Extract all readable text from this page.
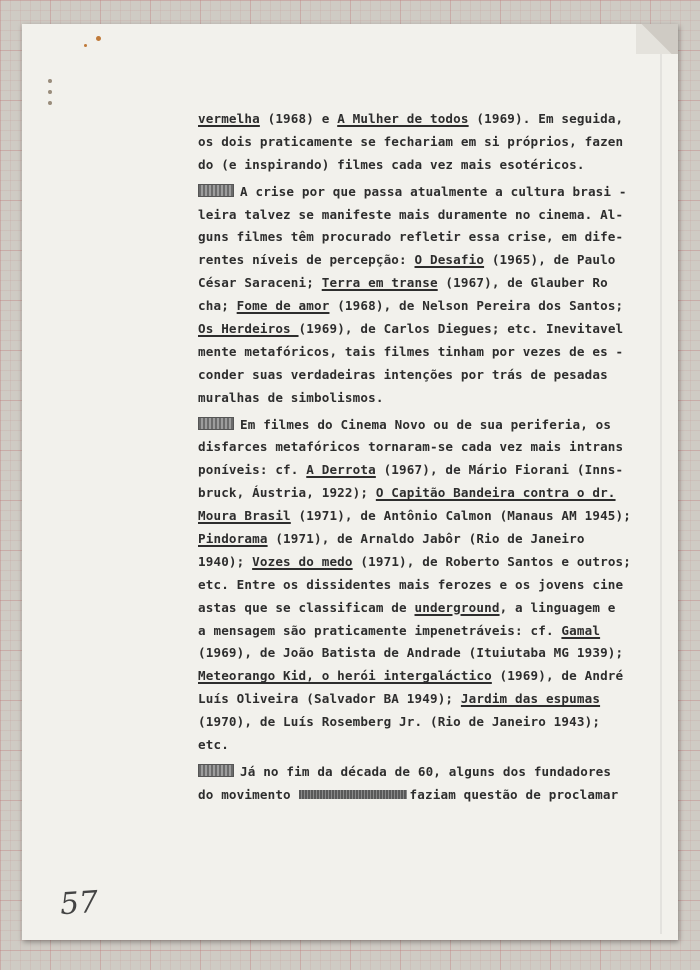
vermelha (1968) e A Mulher de todos (1969). Em seguida,
os dois praticamente se fechariam em si próprios, fazen
do (e inspirando) filmes cada vez mais esotéricos.
A crise por que passa atualmente a cultura brasi -
leira talvez se manifeste mais duramente no cinema. Al-
guns filmes têm procurado refletir essa crise, em dife-
rentes níveis de percepção: O Desafio (1965), de Paulo
César Saraceni; Terra em transe (1967), de Glauber Ro
cha; Fome de amor (1968), de Nelson Pereira dos Santos;
Os Herdeiros (1969), de Carlos Diegues; etc. Inevitavel
mente metafóricos, tais filmes tinham por vezes de es -
conder suas verdadeiras intenções por trás de pesadas
muralhas de simbolismos.
Em filmes do Cinema Novo ou de sua periferia, os
disfarces metafóricos tornaram-se cada vez mais intrans
poníveis: cf. A Derrota (1967), de Mário Fiorani (Inns-
bruck, Áustria, 1922); O Capitão Bandeira contra o dr.
Moura Brasil (1971), de Antônio Calmon (Manaus AM 1945);
Pindorama (1971), de Arnaldo Jabôr (Rio de Janeiro
1940); Vozes do medo (1971), de Roberto Santos e outros;
etc. Entre os dissidentes mais ferozes e os jovens cine
astas que se classificam de underground, a linguagem e
a mensagem são praticamente impenetráveis: cf. Gamal
(1969), de João Batista de Andrade (Ituiutaba MG 1939);
Meteorango Kid, o herói intergaláctico (1969), de André
Luís Oliveira (Salvador BA 1949); Jardim das espumas
(1970), de Luís Rosemberg Jr. (Rio de Janeiro 1943);
etc.
Já no fim da década de 60, alguns dos fundadores
do movimento	faziam questão de proclamar
57
